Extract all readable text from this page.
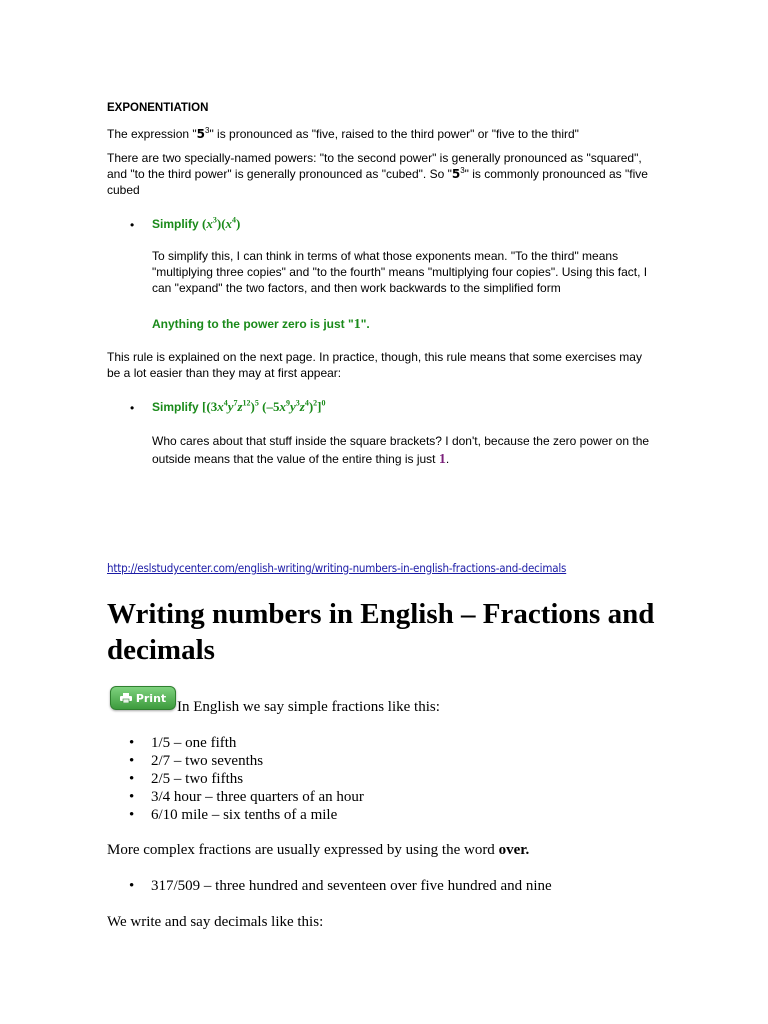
EXPONENTIATION
The expression "$5^3$" is pronounced as "five, raised to the third power" or "five to the third"
There are two specially-named powers: "to the second power" is generally pronounced as "squared",
and "to the third power" is generally pronounced as "cubed". So "$5^3$" is commonly pronounced as "five
cubed
• Simplify $(x^3)(x^4)$
To simplify this, I can think in terms of what those exponents mean. "To the third" means
"multiplying three copies" and "to the fourth" means "multiplying four copies". Using this fact, I
can "expand" the two factors, and then work backwards to the simplified form
Anything to the power zero is just "1".
This rule is explained on the next page. In practice, though, this rule means that some exercises may
be a lot easier than they may at first appear:
• Simplify [$(3x^4y^7z^{12})^5$ $(-5x^9y^3z^4)^2]^0$
Who cares about that stuff inside the square brackets? I don't, because the zero power on the
outside means that the value of the entire thing is just 1.
http://eslstudycenter.com/english-writing/writing-numbers-in-english-fractions-and-decimals
Writing numbers in English – Fractions and
decimals
Print
In English we say simple fractions like this:
• 1/5 – one fifth
• 2/7 – two sevenths
• 2/5 – two fifths
• 3/4 hour – three quarters of an hour
• 6/10 mile – six tenths of a mile
More complex fractions are usually expressed by using the word over.
• 317/509 – three hundred and seventeen over five hundred and nine
We write and say decimals like this:
